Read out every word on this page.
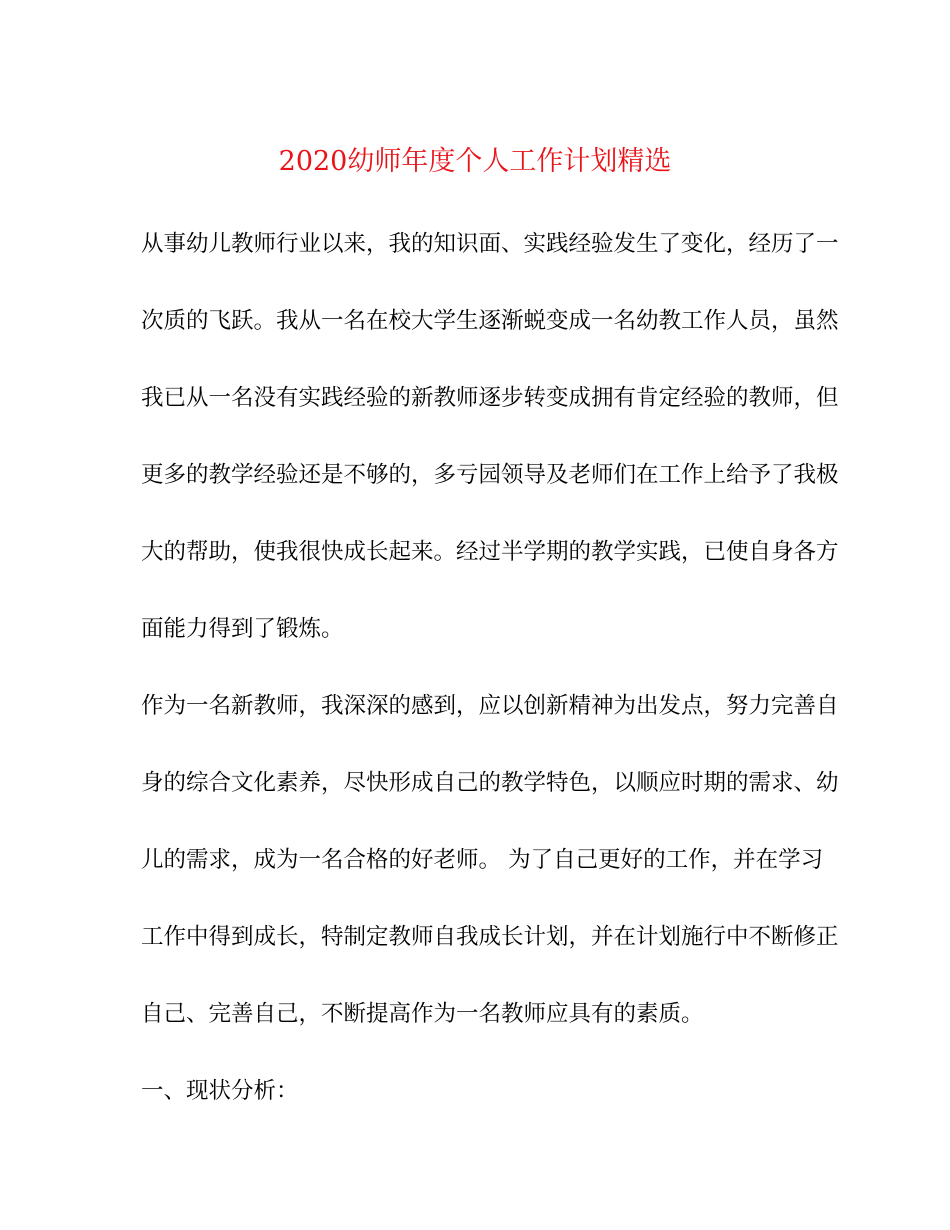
2020幼师年度个人工作计划精选

从事幼儿教师行业以来，我的知识面、实践经验发生了变化，经历了一

次质的飞跃。我从一名在校大学生逐渐蜕变成一名幼教工作人员，虽然

我已从一名没有实践经验的新教师逐步转变成拥有肯定经验的教师，但

更多的教学经验还是不够的，多亏园领导及老师们在工作上给予了我极

大的帮助，使我很快成长起来。经过半学期的教学实践，已使自身各方

面能力得到了锻炼。

作为一名新教师，我深深的感到，应以创新精神为出发点，努力完善自

身的综合文化素养，尽快形成自己的教学特色，以顺应时期的需求、幼

儿的需求，成为一名合格的好老师。 为了自己更好的工作，并在学习

工作中得到成长，特制定教师自我成长计划，并在计划施行中不断修正

自己、完善自己，不断提高作为一名教师应具有的素质。

一、现状分析：
